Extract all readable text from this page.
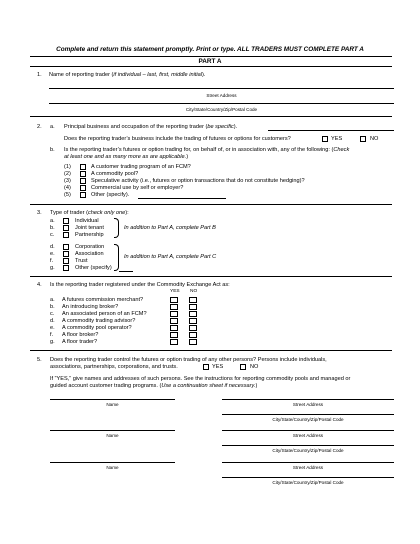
Complete and return this statement promptly. Print or type. ALL TRADERS MUST COMPLETE PART A
PART A
1. Name of reporting trader (if individual – last, first, middle initial).
Street Address
City/State/Country/Zip/Postal Code
2. a. Principal business and occupation of the reporting trader (be specific).
Does the reporting trader’s business include the trading of futures or options for customers?	YES	NO
b. Is the reporting trader’s futures or option trading for, on behalf of, or in association with, any of the following: (Check
at least one and as many more as are applicable.)
(1)	A customer trading program of an FCM?
(2)	A commodity pool?
(3)	Speculative activity (i.e., futures or option transactions that do not constitute hedging)?
(4)	Commercial use by self or employer?
(5)	Other (specify).
3. Type of trader (check only one):
a.	Individual
b.	Joint tenant
c.	Partnership
In addition to Part A, complete Part B
d.	Corporation
e.	Association
f.	Trust
g.	Other (specify)
In addition to Part A, complete Part C
4. Is the reporting trader registered under the Commodity Exchange Act as:
YES NO
a. A futures commission merchant?
b. An introducing broker?
c. An associated person of an FCM?
d. A commodity trading advisor?
e. A commodity pool operator?
f. A floor broker?
g. A floor trader?
5. Does the reporting trader control the futures or option trading of any other persons? Persons include individuals,
associations, partnerships, corporations, and trusts.	YES	NO
If “YES,” give names and addresses of such persons. See the instructions for reporting commodity pools and managed or
guided account customer trading programs. (Use a continuation sheet if necessary.)
Name	Street Address
City/State/Country/Zip/Postal Code
Name	Street Address
City/State/Country/Zip/Postal Code
Name	Street Address
City/State/Country/Zip/Postal Code
